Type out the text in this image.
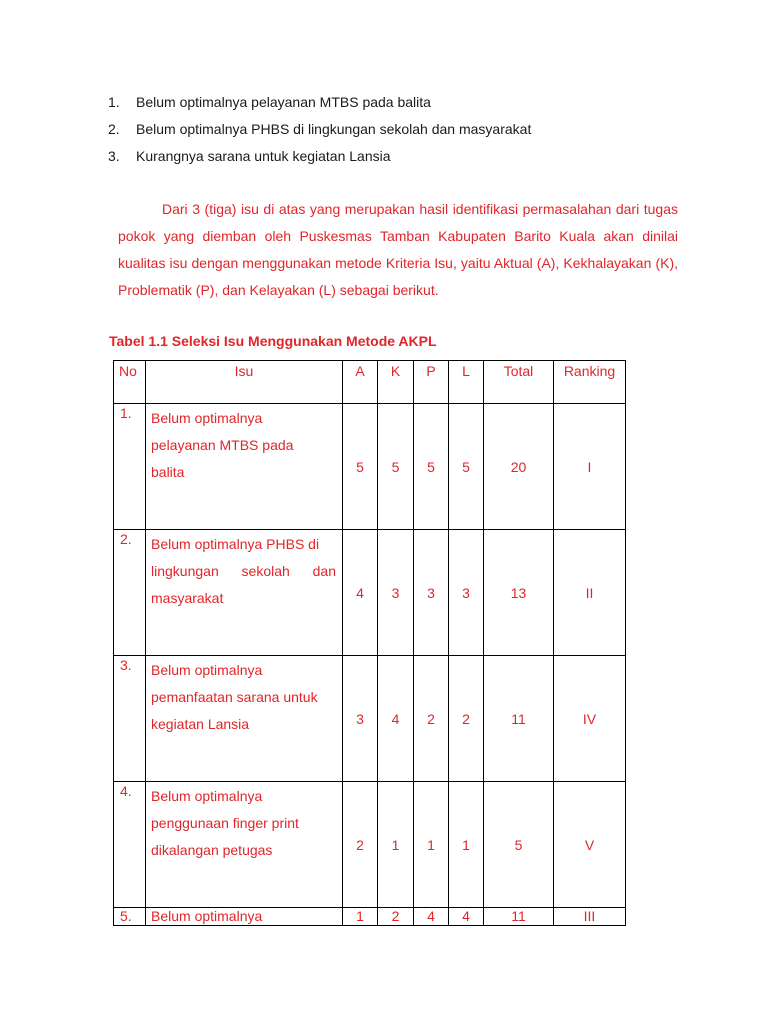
1.	Belum optimalnya pelayanan MTBS pada balita
2.	Belum optimalnya PHBS di lingkungan sekolah dan masyarakat
3.	Kurangnya sarana untuk kegiatan Lansia

Dari 3 (tiga) isu di atas yang merupakan hasil identifikasi permasalahan dari tugas pokok yang diemban oleh Puskesmas Tamban Kabupaten Barito Kuala akan dinilai kualitas isu dengan menggunakan metode Kriteria Isu, yaitu Aktual (A), Kekhalayakan (K), Problematik (P), dan Kelayakan (L) sebagai berikut.

Tabel 1.1 Seleksi Isu Menggunakan Metode AKPL

No	Isu	A	K	P	L	Total	Ranking
1.	Belum optimalnya
pelayanan MTBS pada
balita	5	5	5	5	20	I
2.	Belum optimalnya PHBS di
lingkungan sekolah dan
masyarakat	4	3	3	3	13	II
3.	Belum optimalnya
pemanfaatan sarana untuk
kegiatan Lansia	3	4	2	2	11	IV
4.	Belum optimalnya
penggunaan finger print
dikalangan petugas	2	1	1	1	5	V
5.	Belum optimalnya	1	2	4	4	11	III
